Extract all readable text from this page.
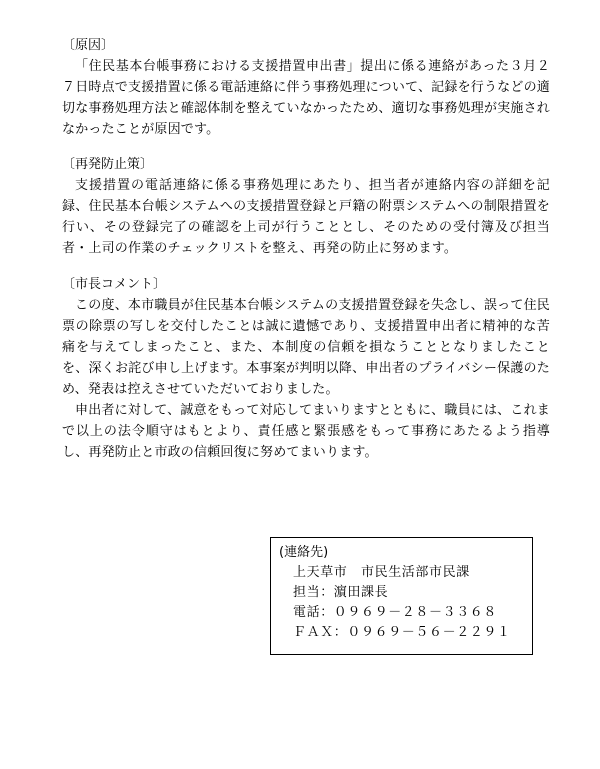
〔原因〕

「住民基本台帳事務における支援措置申出書」提出に係る連絡があった３月２７日時点で支援措置に係る電話連絡に伴う事務処理について、記録を行うなどの適切な事務処理方法と確認体制を整えていなかったため、適切な事務処理が実施されなかったことが原因です。

〔再発防止策〕

支援措置の電話連絡に係る事務処理にあたり、担当者が連絡内容の詳細を記録、住民基本台帳システムへの支援措置登録と戸籍の附票システムへの制限措置を行い、その登録完了の確認を上司が行うこととし、そのための受付簿及び担当者・上司の作業のチェックリストを整え、再発の防止に努めます。

〔市長コメント〕

この度、本市職員が住民基本台帳システムの支援措置登録を失念し、誤って住民票の除票の写しを交付したことは誠に遺憾であり、支援措置申出者に精神的な苦痛を与えてしまったこと、また、本制度の信頼を損なうこととなりましたことを、深くお詫び申し上げます。本事案が判明以降、申出者のプライバシー保護のため、発表は控えさせていただいておりました。

申出者に対して、誠意をもって対応してまいりますとともに、職員には、これまで以上の法令順守はもとより、責任感と緊張感をもって事務にあたるよう指導し、再発防止と市政の信頼回復に努めてまいります。

(連絡先)
上天草市　市民生活部市民課
担当：濵田課長
電話：０９６９－２８－３３６８
ＦＡＸ：０９６９－５６－２２９１
